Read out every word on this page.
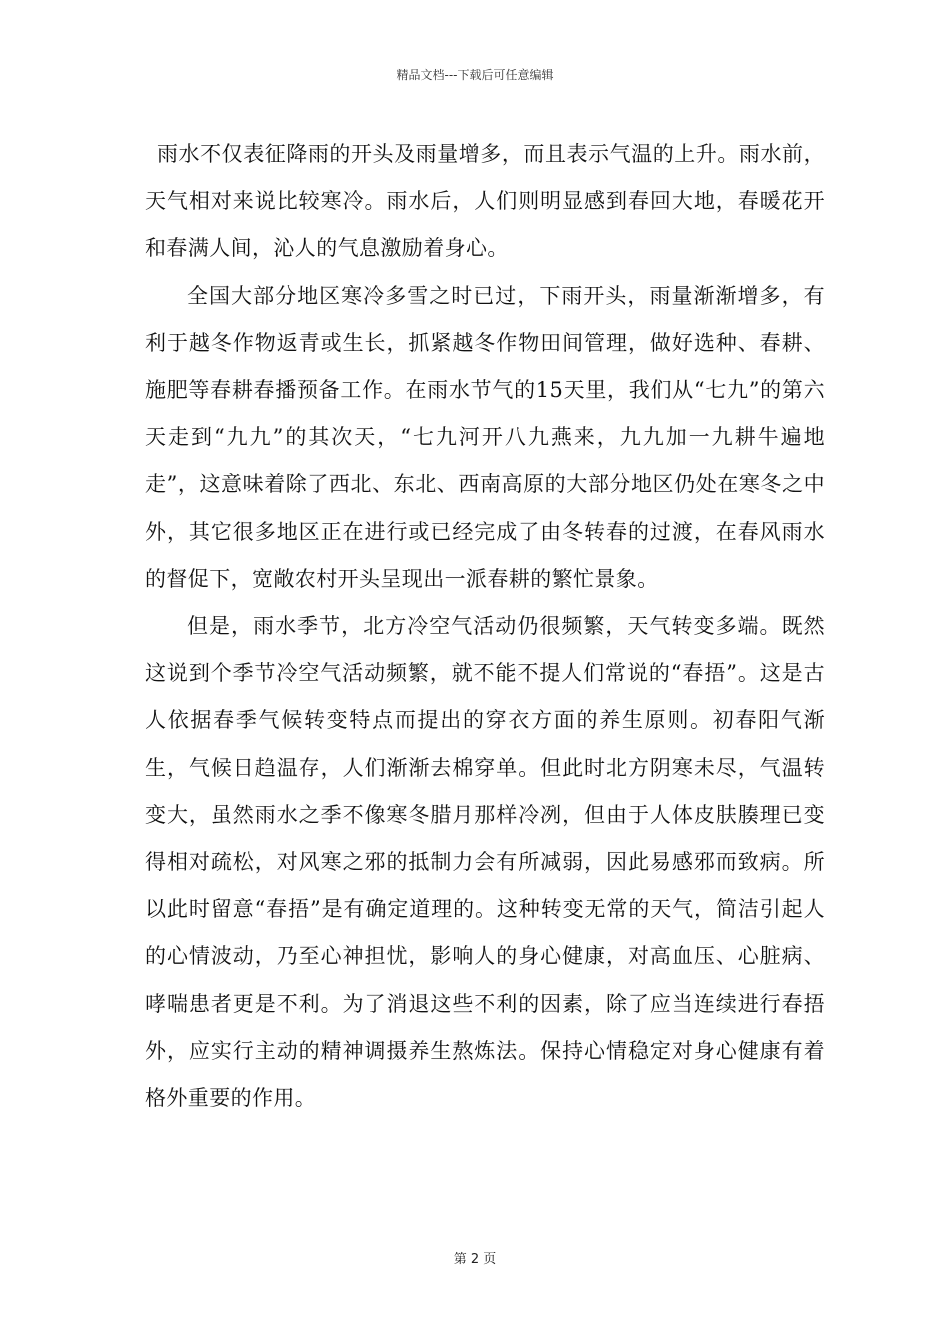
精品文档---下载后可任意编辑

雨水不仅表征降雨的开头及雨量增多，而且表示气温的上升。雨水前，天气相对来说比较寒冷。雨水后，人们则明显感到春回大地，春暖花开和春满人间，沁人的气息激励着身心。

全国大部分地区寒冷多雪之时已过，下雨开头，雨量渐渐增多，有利于越冬作物返青或生长，抓紧越冬作物田间管理，做好选种、春耕、施肥等春耕春播预备工作。在雨水节气的15天里，我们从“七九”的第六天走到“九九”的其次天，“七九河开八九燕来，九九加一九耕牛遍地走”，这意味着除了西北、东北、西南高原的大部分地区仍处在寒冬之中外，其它很多地区正在进行或已经完成了由冬转春的过渡，在春风雨水的督促下，宽敞农村开头呈现出一派春耕的繁忙景象。

但是，雨水季节，北方冷空气活动仍很频繁，天气转变多端。既然这说到个季节冷空气活动频繁，就不能不提人们常说的“春捂”。这是古人依据春季气候转变特点而提出的穿衣方面的养生原则。初春阳气渐生，气候日趋温存，人们渐渐去棉穿单。但此时北方阴寒未尽，气温转变大，虽然雨水之季不像寒冬腊月那样冷冽，但由于人体皮肤腠理已变得相对疏松，对风寒之邪的抵制力会有所减弱，因此易感邪而致病。所以此时留意“春捂”是有确定道理的。这种转变无常的天气，简洁引起人的心情波动，乃至心神担忧，影响人的身心健康，对高血压、心脏病、哮喘患者更是不利。为了消退这些不利的因素，除了应当连续进行春捂外，应实行主动的精神调摄养生熬炼法。保持心情稳定对身心健康有着格外重要的作用。

第 2 页
